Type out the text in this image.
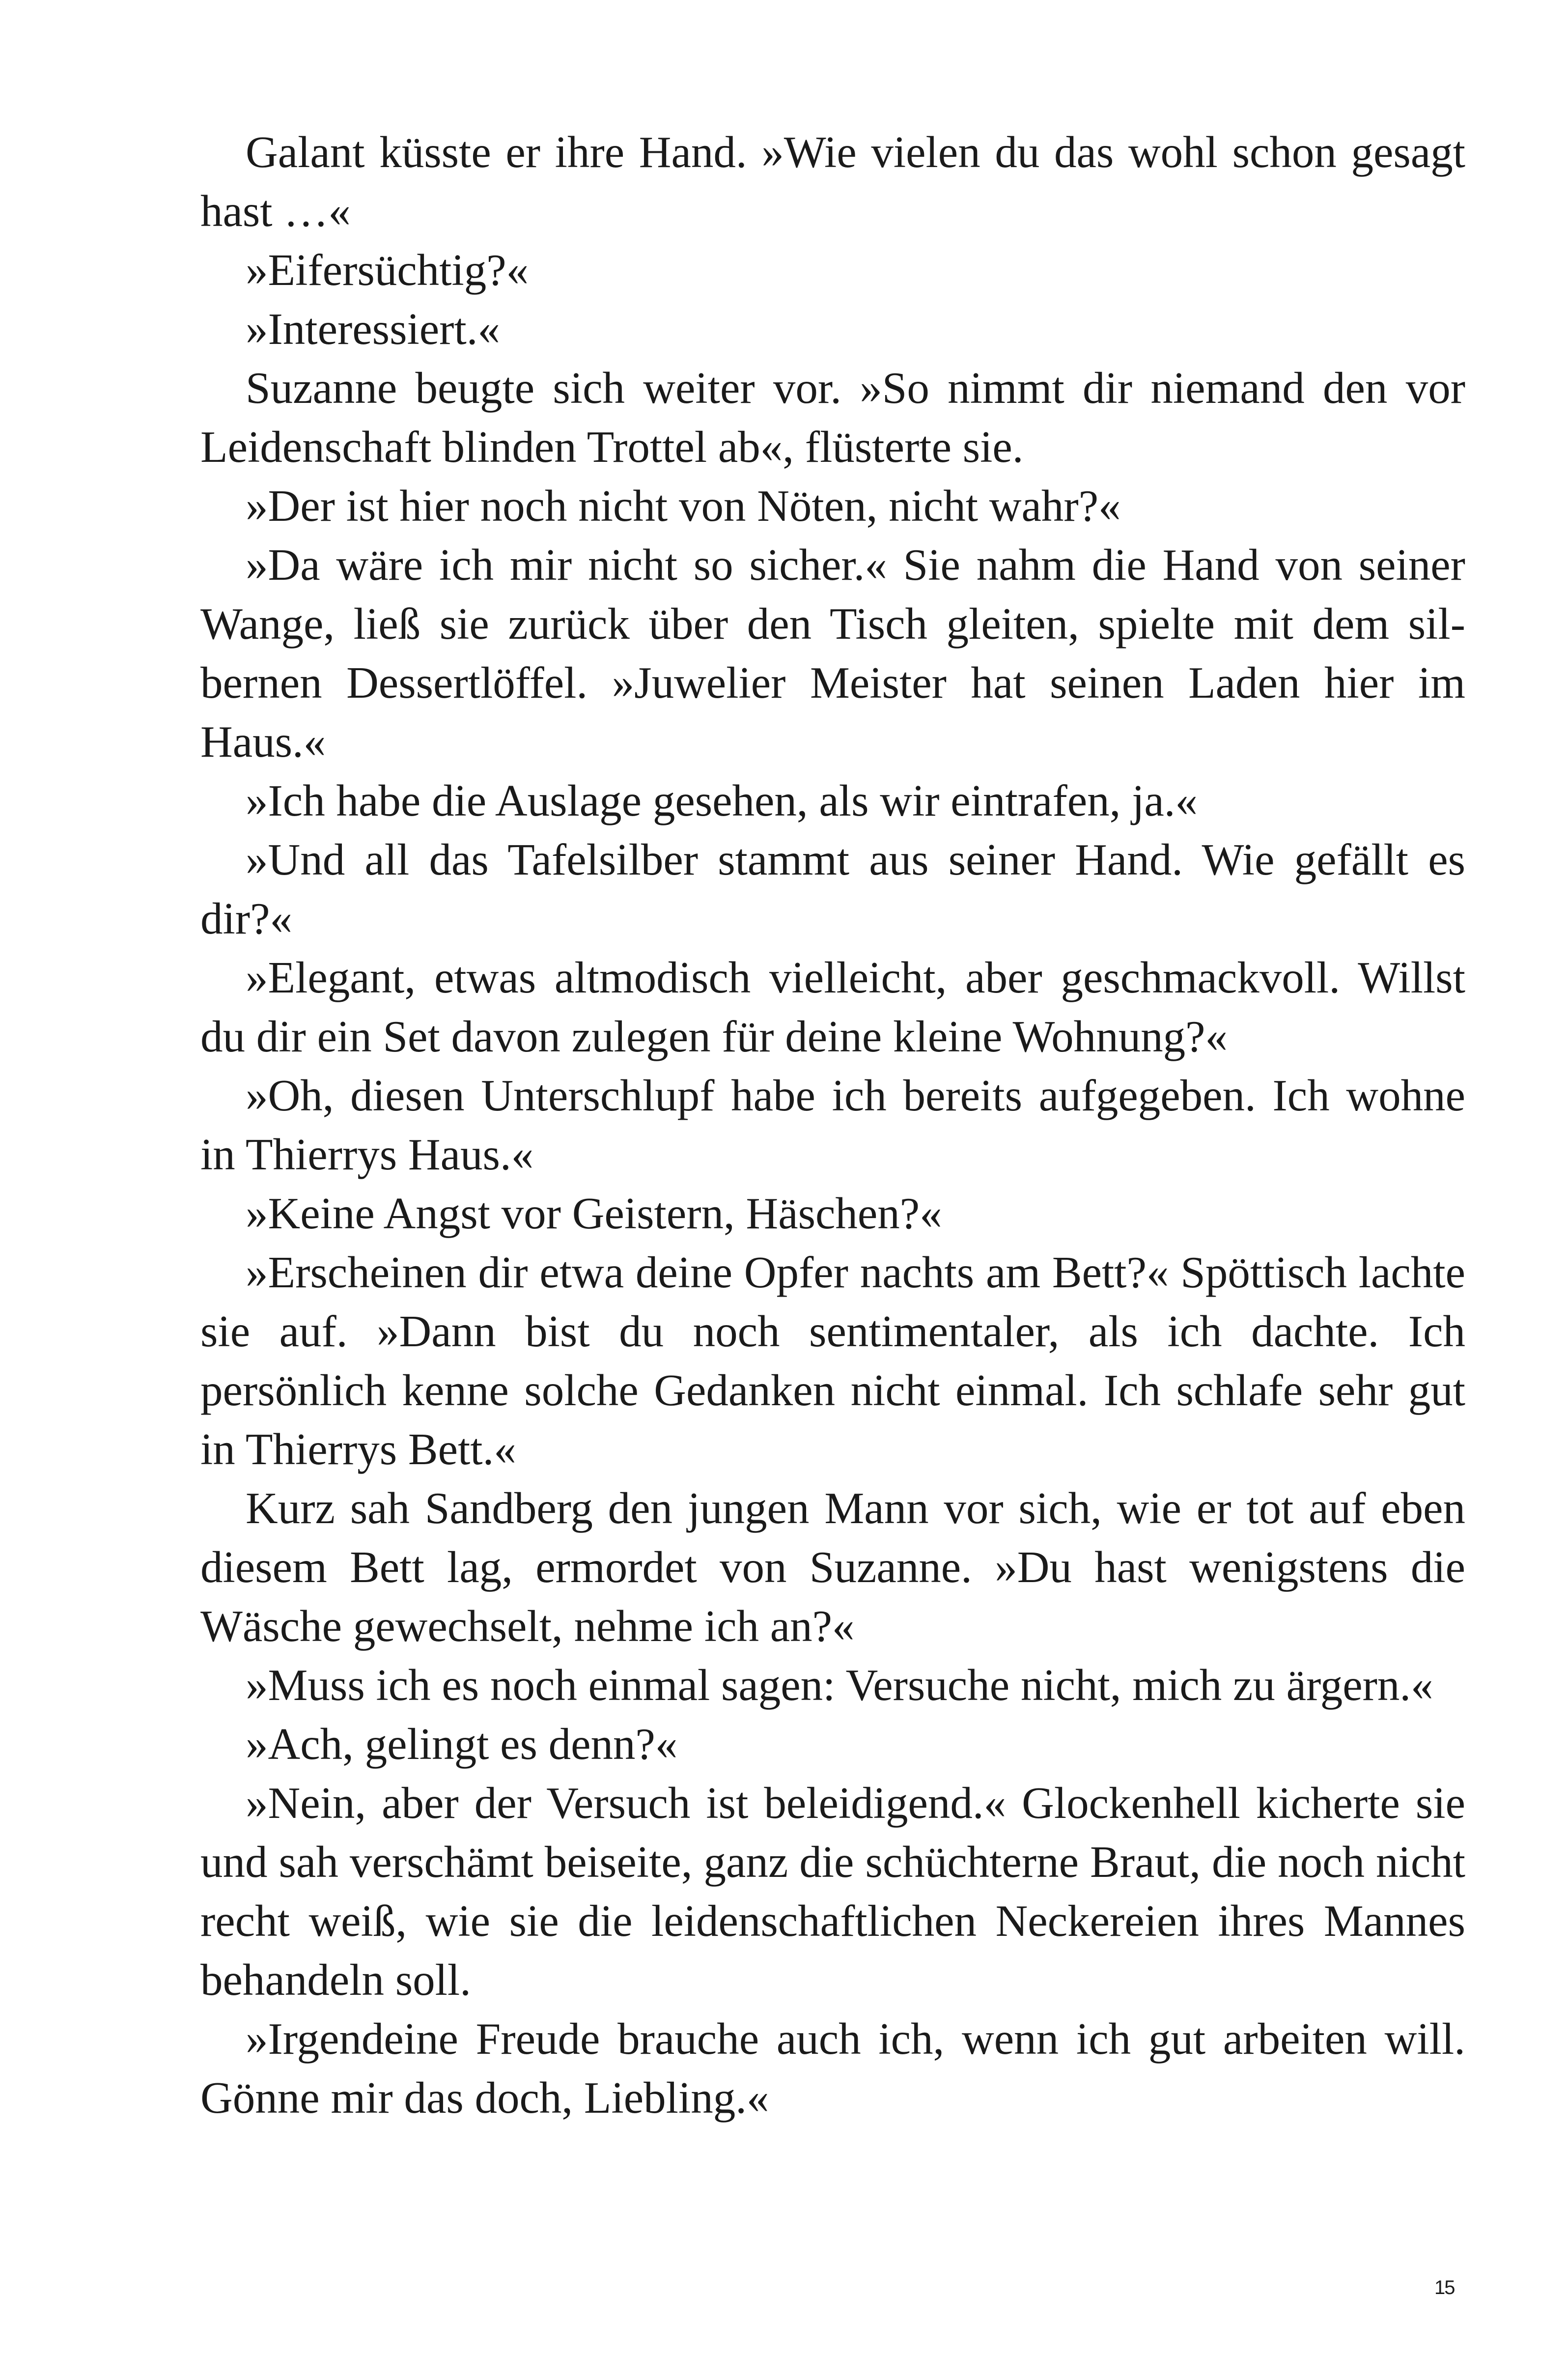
Galant küsste er ihre Hand. »Wie vielen du das wohl schon gesagt hast …«

»Eifersüchtig?«

»Interessiert.«

Suzanne beugte sich weiter vor. »So nimmt dir niemand den vor Leidenschaft blinden Trottel ab«, flüsterte sie.

»Der ist hier noch nicht von Nöten, nicht wahr?«

»Da wäre ich mir nicht so sicher.« Sie nahm die Hand von seiner Wange, ließ sie zurück über den Tisch gleiten, spielte mit dem silbernen Dessertlöffel. »Juwelier Meister hat seinen Laden hier im Haus.«

»Ich habe die Auslage gesehen, als wir eintrafen, ja.«

»Und all das Tafelsilber stammt aus seiner Hand. Wie gefällt es dir?«

»Elegant, etwas altmodisch vielleicht, aber geschmackvoll. Willst du dir ein Set davon zulegen für deine kleine Wohnung?«

»Oh, diesen Unterschlupf habe ich bereits aufgegeben. Ich wohne in Thierrys Haus.«

»Keine Angst vor Geistern, Häschen?«

»Erscheinen dir etwa deine Opfer nachts am Bett?« Spöttisch lachte sie auf. »Dann bist du noch sentimentaler, als ich dachte. Ich persönlich kenne solche Gedanken nicht einmal. Ich schlafe sehr gut in Thierrys Bett.«

Kurz sah Sandberg den jungen Mann vor sich, wie er tot auf eben diesem Bett lag, ermordet von Suzanne. »Du hast wenigstens die Wäsche gewechselt, nehme ich an?«

»Muss ich es noch einmal sagen: Versuche nicht, mich zu ärgern.«

»Ach, gelingt es denn?«

»Nein, aber der Versuch ist beleidigend.« Glockenhell kicherte sie und sah verschämt beiseite, ganz die schüchterne Braut, die noch nicht recht weiß, wie sie die leidenschaftlichen Neckereien ihres Mannes behandeln soll.

»Irgendeine Freude brauche auch ich, wenn ich gut arbeiten will. Gönne mir das doch, Liebling.«

15
